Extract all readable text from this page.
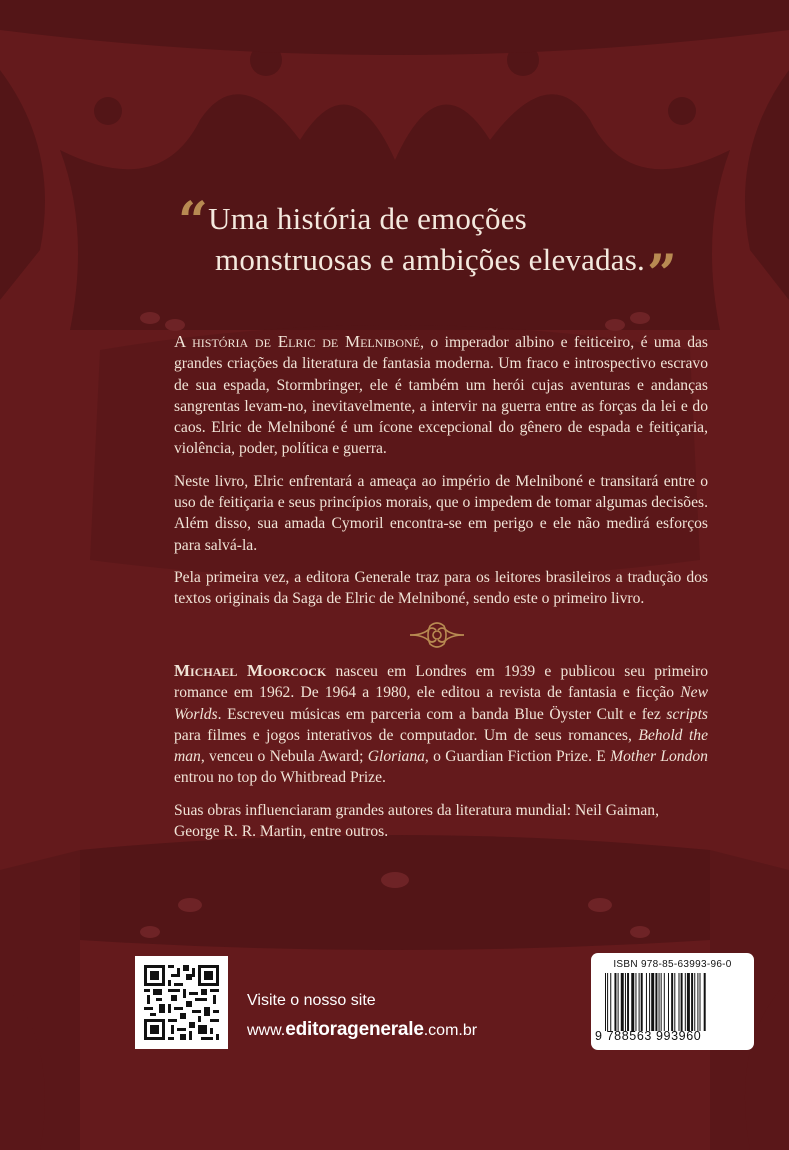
“Uma história de emoções
monstruosas e ambições elevadas.”

A história de Elric de Melniboné, o imperador albino e feiticeiro, é uma das grandes criações da literatura de fantasia moderna. Um fraco e introspectivo escravo de sua espada, Stormbringer, ele é também um herói cujas aventuras e andanças sangrentas levam-no, inevitavelmente, a intervir na guerra entre as forças da lei e do caos. Elric de Melniboné é um ícone excepcional do gênero de espada e feitiçaria, violência, poder, política e guerra.

Neste livro, Elric enfrentará a ameaça ao império de Melniboné e transitará entre o uso de feitiçaria e seus princípios morais, que o impedem de tomar algumas decisões. Além disso, sua amada Cymoril encontra-se em perigo e ele não medirá esforços para salvá-la.

Pela primeira vez, a editora Generale traz para os leitores brasileiros a tradução dos textos originais da Saga de Elric de Melniboné, sendo este o primeiro livro.

Michael Moorcock nasceu em Londres em 1939 e publicou seu primeiro romance em 1962. De 1964 a 1980, ele editou a revista de fantasia e ficção New Worlds. Escreveu músicas em parceria com a banda Blue Öyster Cult e fez scripts para filmes e jogos interativos de computador. Um de seus romances, Behold the man, venceu o Nebula Award; Gloriana, o Guardian Fiction Prize. E Mother London entrou no top do Whitbread Prize.

Suas obras influenciaram grandes autores da literatura mundial: Neil Gaiman, George R. R. Martin, entre outros.

Visite o nosso site
www.editoragenerale.com.br
ISBN 978-85-63993-96-0
9 788563 993960
